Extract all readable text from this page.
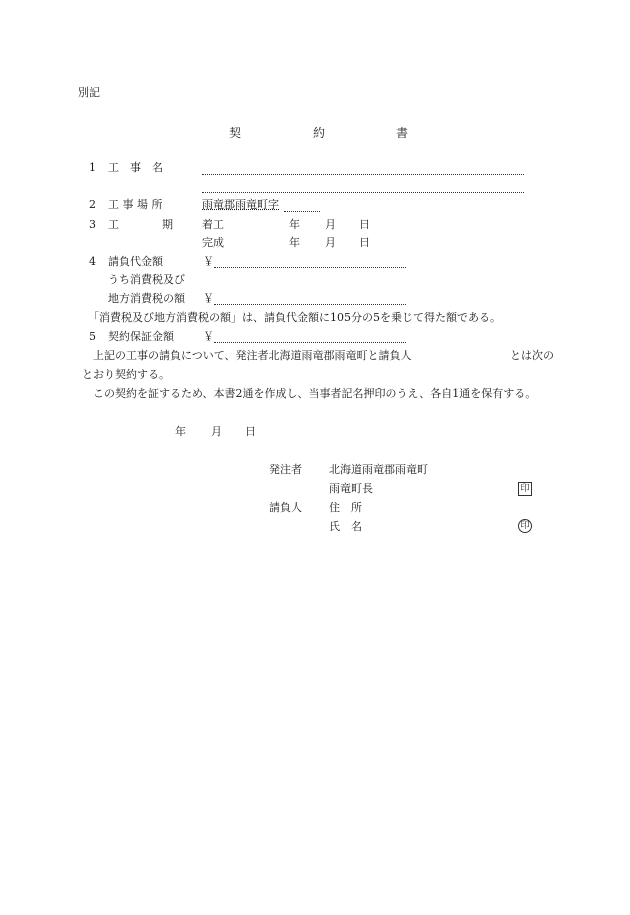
別記
契	約	書
1 工　事　名
2 工 事 場 所	雨竜郡雨竜町字
3 工	期	着工	年 月 日
完成	年 月 日
4 請負代金額	￥
うち消費税及び
地方消費税の額 ￥
「消費税及び地方消費税の額」は、請負代金額に105分の5を乗じて得た額である。
5 契約保証金額	￥
上記の工事の請負について、発注者北海道雨竜郡雨竜町と請負人	とは次の
とおり契約する。
この契約を証するため、本書2通を作成し、当事者記名押印のうえ、各自1通を保有する。
年 月 日
発注者 北海道雨竜郡雨竜町
雨竜町長	印
請負人 住　所
氏　名	印
